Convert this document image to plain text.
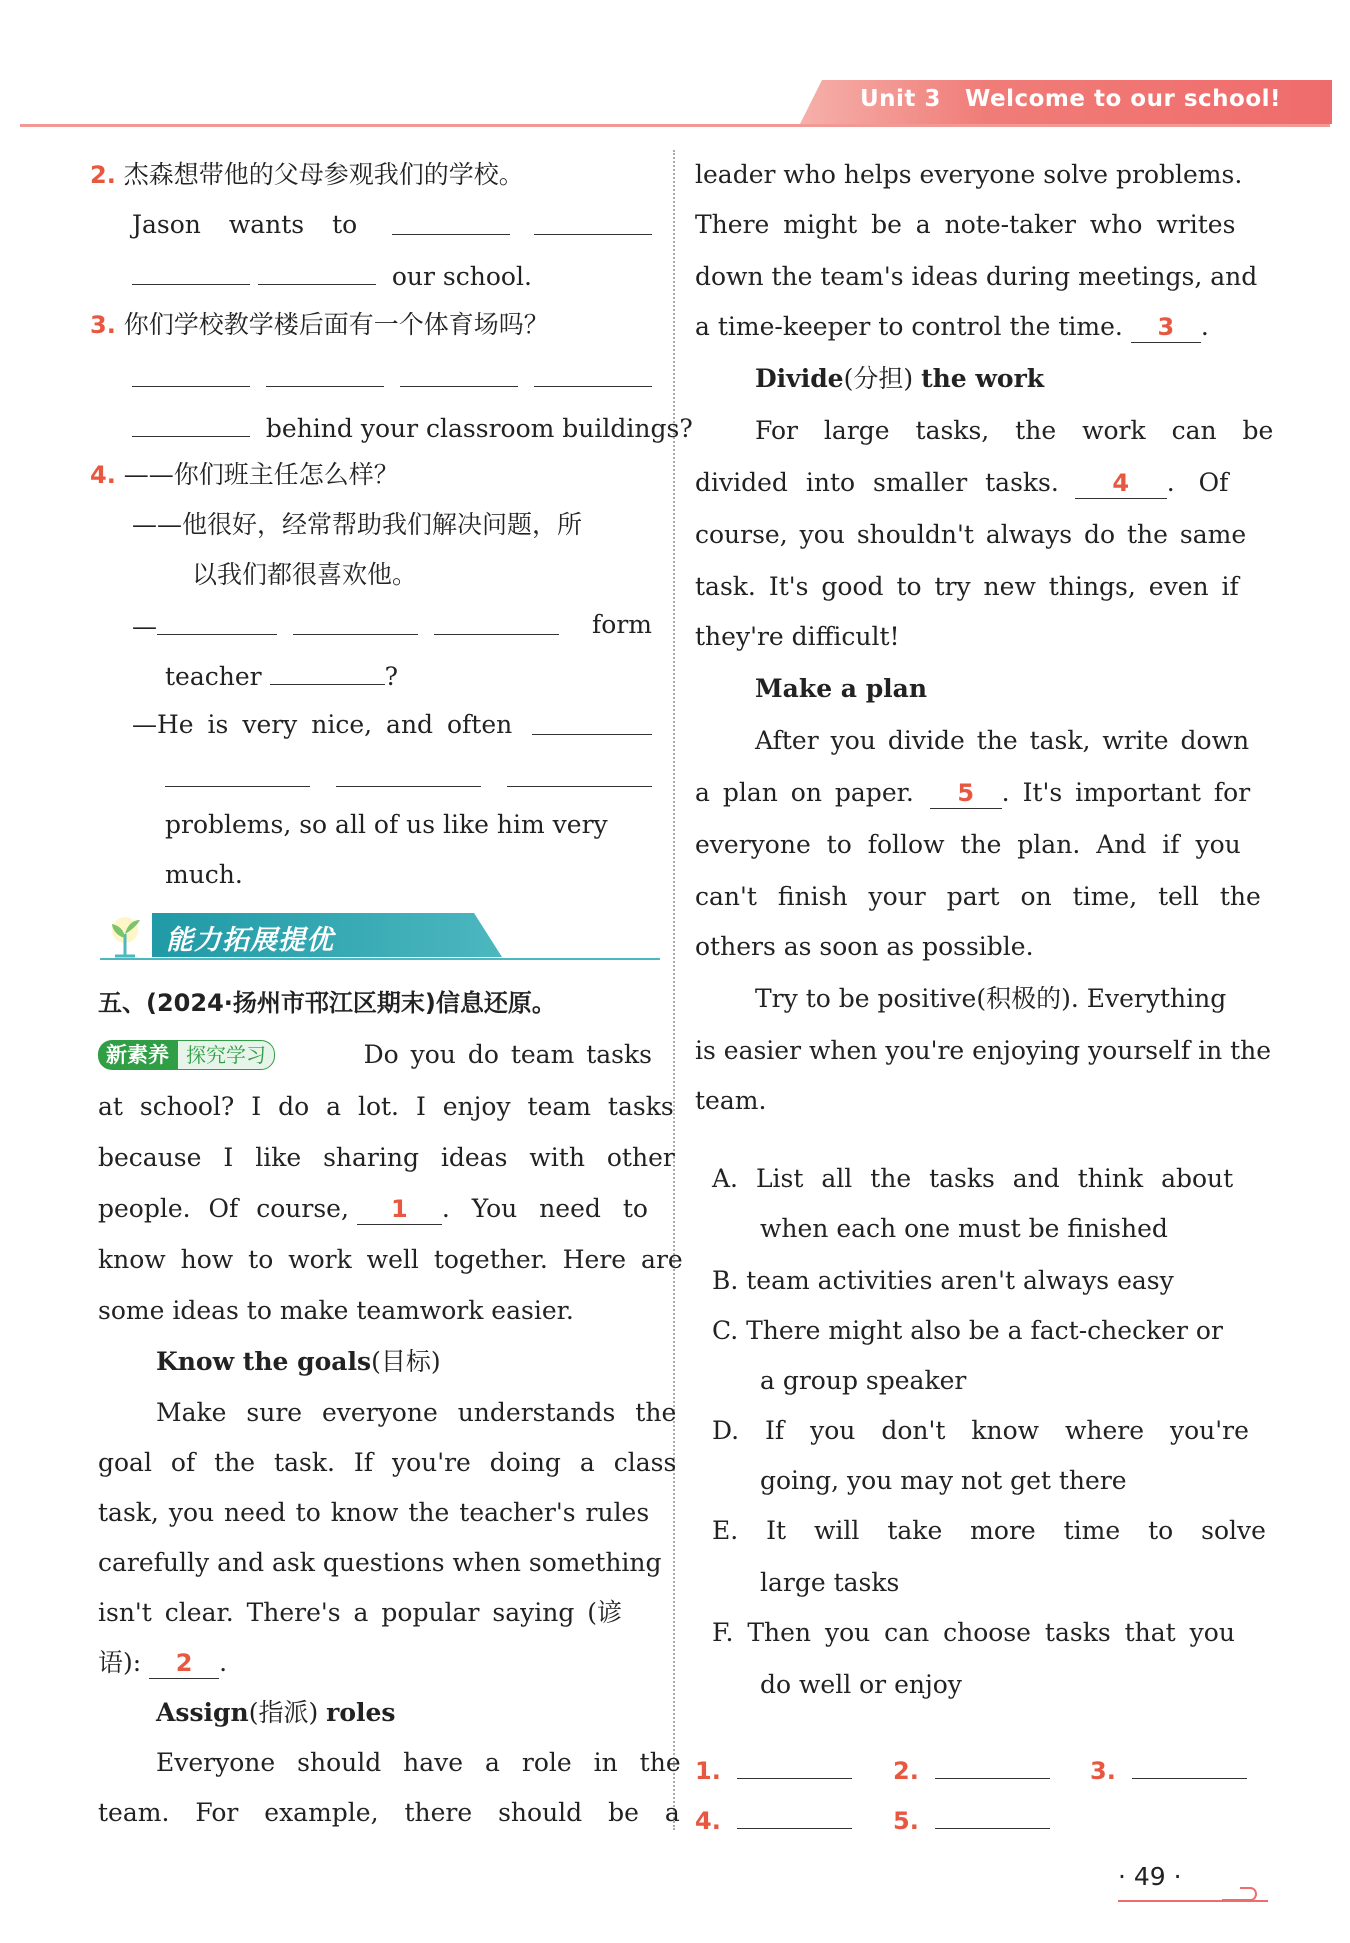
Unit 3 Welcome to our school!
2. 杰森想带他的父母参观我们的学校。
Jason wants to

our school.
3. 你们学校教学楼后面有一个体育场吗？
behind your classroom buildings?
4. ——你们班主任怎么样？
——他很好，经常帮助我们解决问题，所
以我们都很喜欢他。
—	form
teacher	?
—He is very nice, and often
problems, so all of us like him very
much.
能力拓展提优
五、(2024·扬州市邗江区期末)信息还原。
新素养 探究学习	Do you do team tasks
at school? I do a lot. I enjoy team tasks
because I like sharing ideas with other
people. Of course, 1 . You need to
know how to work well together. Here are
some ideas to make teamwork easier.
Know the goals(目标)
Make sure everyone understands the
goal of the task. If you're doing a class
task, you need to know the teacher's rules
carefully and ask questions when something
isn't clear. There's a popular saying (谚
语): 2 .
Assign(指派) roles
Everyone should have a role in the
team. For example, there should be a
leader who helps everyone solve problems.
There might be a note-taker who writes
down the team's ideas during meetings, and
a time-keeper to control the time. 3 .
Divide(分担) the work
For large tasks, the work can be
divided into smaller tasks. 4 . Of
course, you shouldn't always do the same
task. It's good to try new things, even if
they're difficult!
Make a plan
After you divide the task, write down
a plan on paper. 5 . It's important for
everyone to follow the plan. And if you
can't finish your part on time, tell the
others as soon as possible.
Try to be positive(积极的). Everything
is easier when you're enjoying yourself in the
team.
A. List all the tasks and think about
when each one must be finished
B. team activities aren't always easy
C. There might also be a fact-checker or
a group speaker
D. If you don't know where you're
going, you may not get there
E. It will take more time to solve
large tasks
F. Then you can choose tasks that you
do well or enjoy
1.	2.	3.
4.	5.
· 49 ·
